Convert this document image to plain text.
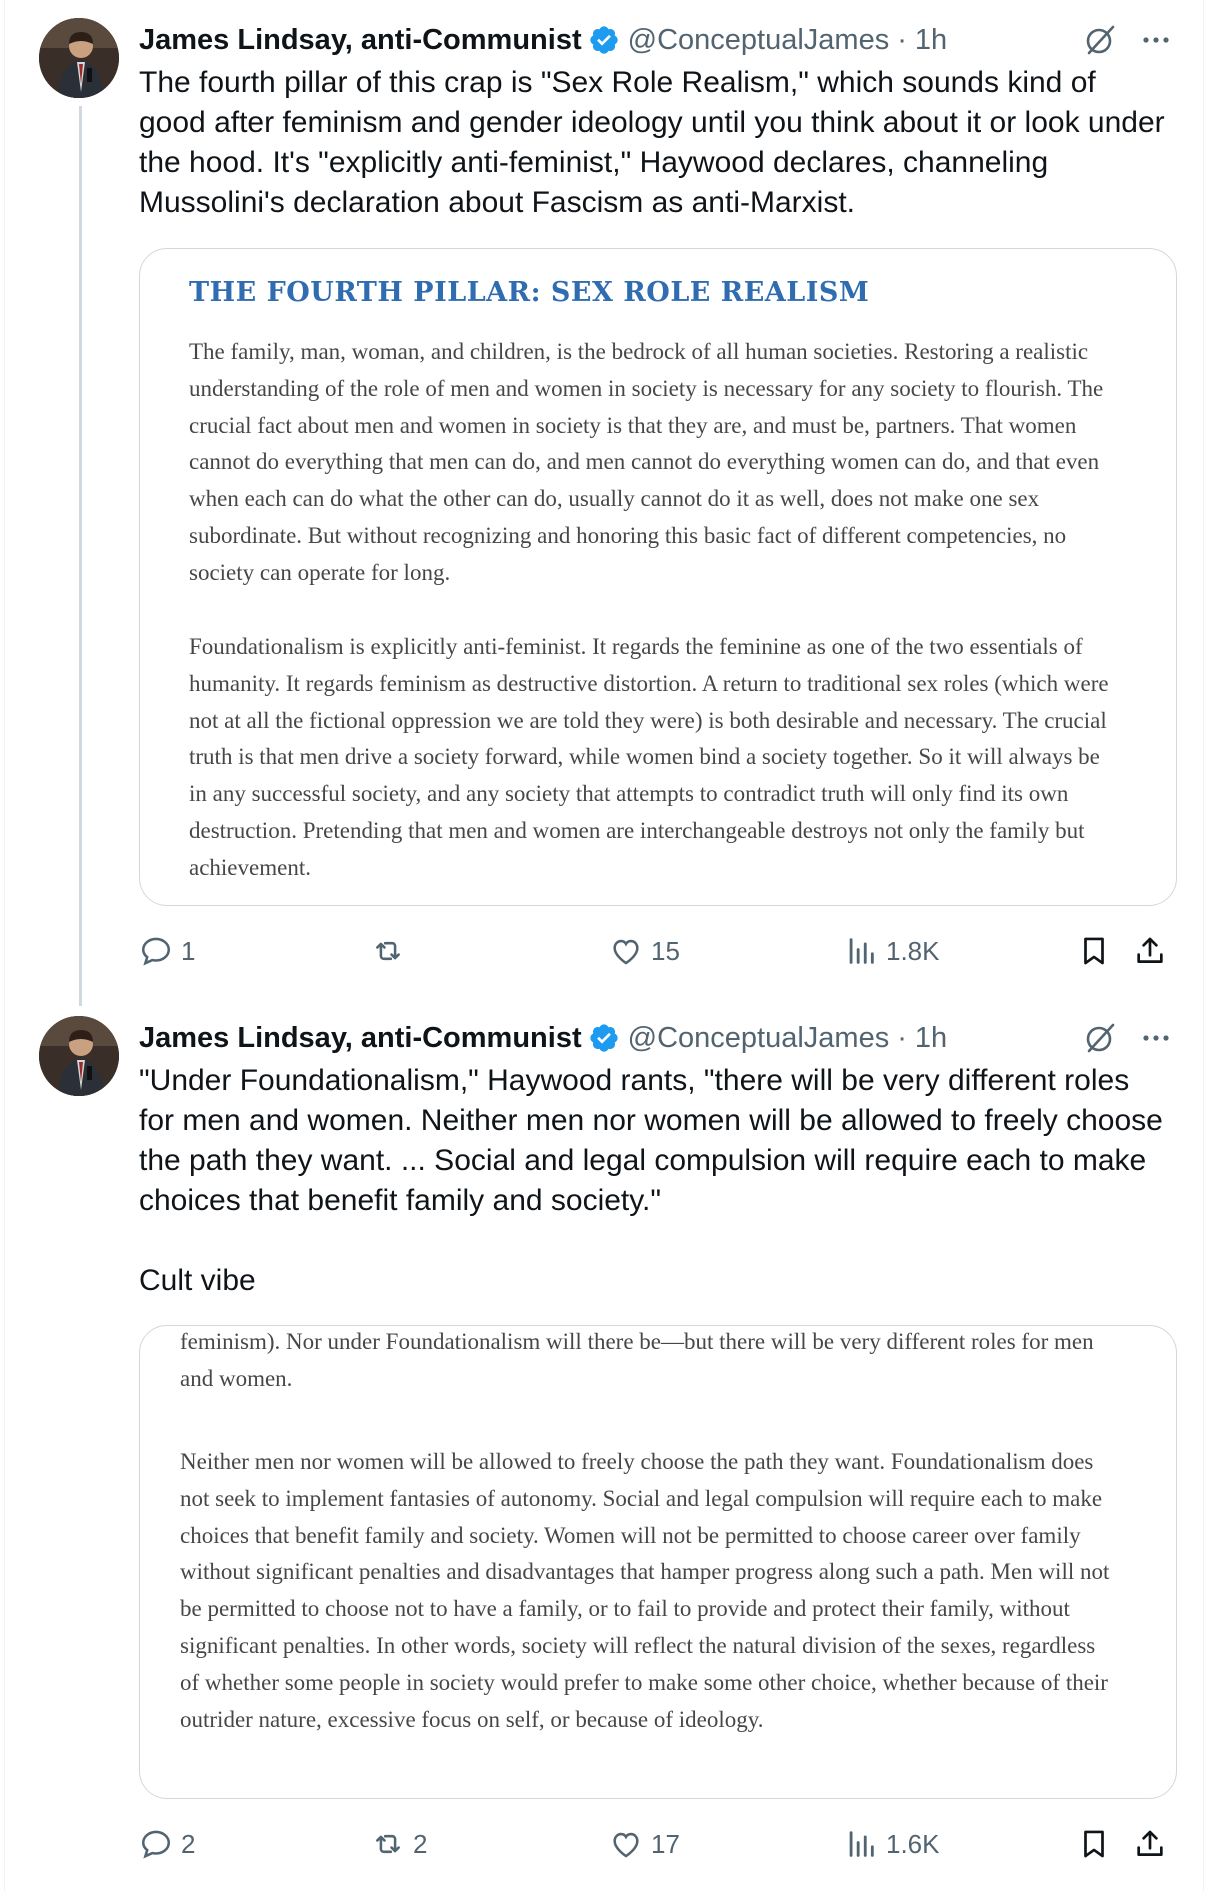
James Lindsay, anti-Communist @ConceptualJames · 1h

The fourth pillar of this crap is "Sex Role Realism," which sounds kind of good after feminism and gender ideology until you think about it or look under the hood. It's "explicitly anti-feminist," Haywood declares, channeling Mussolini's declaration about Fascism as anti-Marxist.

THE FOURTH PILLAR: SEX ROLE REALISM

The family, man, woman, and children, is the bedrock of all human societies. Restoring a realistic understanding of the role of men and women in society is necessary for any society to flourish. The crucial fact about men and women in society is that they are, and must be, partners. That women cannot do everything that men can do, and men cannot do everything women can do, and that even when each can do what the other can do, usually cannot do it as well, does not make one sex subordinate. But without recognizing and honoring this basic fact of different competencies, no society can operate for long.

Foundationalism is explicitly anti-feminist. It regards the feminine as one of the two essentials of humanity. It regards feminism as destructive distortion. A return to traditional sex roles (which were not at all the fictional oppression we are told they were) is both desirable and necessary. The crucial truth is that men drive a society forward, while women bind a society together. So it will always be in any successful society, and any society that attempts to contradict truth will only find its own destruction. Pretending that men and women are interchangeable destroys not only the family but achievement.

1	15	1.8K
James Lindsay, anti-Communist @ConceptualJames · 1h

"Under Foundationalism," Haywood rants, "there will be very different roles for men and women. Neither men nor women will be allowed to freely choose the path they want. ... Social and legal compulsion will require each to make choices that benefit family and society."

Cult vibe

feminism). Nor under Foundationalism will there be—but there will be very different roles for men and women.

Neither men nor women will be allowed to freely choose the path they want. Foundationalism does not seek to implement fantasies of autonomy. Social and legal compulsion will require each to make choices that benefit family and society. Women will not be permitted to choose career over family without significant penalties and disadvantages that hamper progress along such a path. Men will not be permitted to choose not to have a family, or to fail to provide and protect their family, without significant penalties. In other words, society will reflect the natural division of the sexes, regardless of whether some people in society would prefer to make some other choice, whether because of their outrider nature, excessive focus on self, or because of ideology.

2	2	17	1.6K
